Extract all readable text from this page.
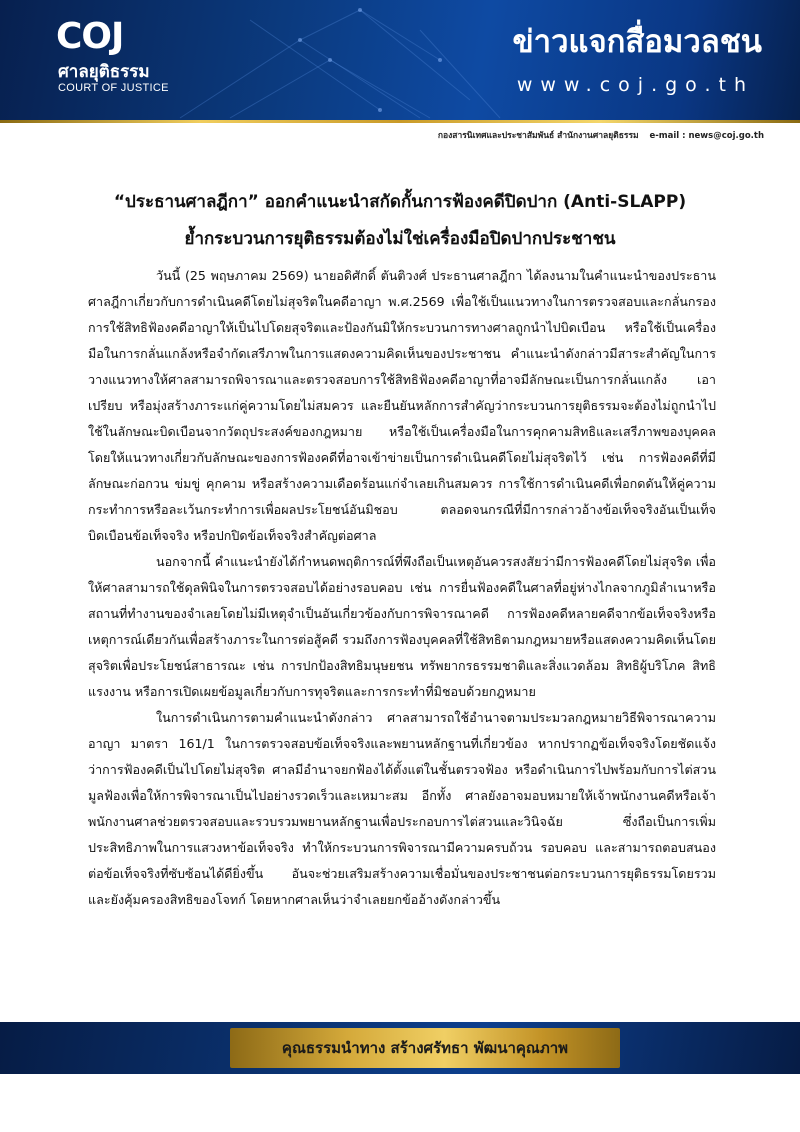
COJ
ศาลยุติธรรม
COURT OF JUSTICE
ข่าวแจกสื่อมวลชน
www.coj.go.th
กองสารนิเทศและประชาสัมพันธ์ สำนักงานศาลยุติธรรม e-mail : news@coj.go.th
“ประธานศาลฎีกา” ออกคำแนะนำสกัดกั้นการฟ้องคดีปิดปาก (Anti-SLAPP)
ย้ำกระบวนการยุติธรรมต้องไม่ใช่เครื่องมือปิดปากประชาชน

วันนี้ (25 พฤษภาคม 2569) นายอดิศักดิ์ ตันติวงศ์ ประธานศาลฎีกา ได้ลงนามในคำแนะนำของประธานศาลฎีกาเกี่ยวกับการดำเนินคดีโดยไม่สุจริตในคดีอาญา พ.ศ.2569 เพื่อใช้เป็นแนวทางในการตรวจสอบและกลั่นกรองการใช้สิทธิฟ้องคดีอาญาให้เป็นไปโดยสุจริตและป้องกันมิให้กระบวนการทางศาลถูกนำไปบิดเบือน หรือใช้เป็นเครื่องมือในการกลั่นแกล้งหรือจำกัดเสรีภาพในการแสดงความคิดเห็นของประชาชน คำแนะนำดังกล่าวมีสาระสำคัญในการวางแนวทางให้ศาลสามารถพิจารณาและตรวจสอบการใช้สิทธิฟ้องคดีอาญาที่อาจมีลักษณะเป็นการกลั่นแกล้ง เอาเปรียบ หรือมุ่งสร้างภาระแก่คู่ความโดยไม่สมควร และยืนยันหลักการสำคัญว่ากระบวนการยุติธรรมจะต้องไม่ถูกนำไปใช้ในลักษณะบิดเบือนจากวัตถุประสงค์ของกฎหมาย หรือใช้เป็นเครื่องมือในการคุกคามสิทธิและเสรีภาพของบุคคล โดยให้แนวทางเกี่ยวกับลักษณะของการฟ้องคดีที่อาจเข้าข่ายเป็นการดำเนินคดีโดยไม่สุจริตไว้ เช่น การฟ้องคดีที่มีลักษณะก่อกวน ข่มขู่ คุกคาม หรือสร้างความเดือดร้อนแก่จำเลยเกินสมควร การใช้การดำเนินคดีเพื่อกดดันให้คู่ความกระทำการหรือละเว้นกระทำการเพื่อผลประโยชน์อันมิชอบ ตลอดจนกรณีที่มีการกล่าวอ้างข้อเท็จจริงอันเป็นเท็จ บิดเบือนข้อเท็จจริง หรือปกปิดข้อเท็จจริงสำคัญต่อศาล

นอกจากนี้ คำแนะนำยังได้กำหนดพฤติการณ์ที่พึงถือเป็นเหตุอันควรสงสัยว่ามีการฟ้องคดีโดยไม่สุจริต เพื่อให้ศาลสามารถใช้ดุลพินิจในการตรวจสอบได้อย่างรอบคอบ เช่น การยื่นฟ้องคดีในศาลที่อยู่ห่างไกลจากภูมิลำเนาหรือสถานที่ทำงานของจำเลยโดยไม่มีเหตุจำเป็นอันเกี่ยวข้องกับการพิจารณาคดี การฟ้องคดีหลายคดีจากข้อเท็จจริงหรือเหตุการณ์เดียวกันเพื่อสร้างภาระในการต่อสู้คดี รวมถึงการฟ้องบุคคลที่ใช้สิทธิตามกฎหมายหรือแสดงความคิดเห็นโดยสุจริตเพื่อประโยชน์สาธารณะ เช่น การปกป้องสิทธิมนุษยชน ทรัพยากรธรรมชาติและสิ่งแวดล้อม สิทธิผู้บริโภค สิทธิแรงงาน หรือการเปิดเผยข้อมูลเกี่ยวกับการทุจริตและการกระทำที่มิชอบด้วยกฎหมาย

ในการดำเนินการตามคำแนะนำดังกล่าว ศาลสามารถใช้อำนาจตามประมวลกฎหมายวิธีพิจารณาความอาญา มาตรา 161/1 ในการตรวจสอบข้อเท็จจริงและพยานหลักฐานที่เกี่ยวข้อง หากปรากฏข้อเท็จจริงโดยชัดแจ้งว่าการฟ้องคดีเป็นไปโดยไม่สุจริต ศาลมีอำนาจยกฟ้องได้ตั้งแต่ในชั้นตรวจฟ้อง หรือดำเนินการไปพร้อมกับการไต่สวนมูลฟ้องเพื่อให้การพิจารณาเป็นไปอย่างรวดเร็วและเหมาะสม อีกทั้ง ศาลยังอาจมอบหมายให้เจ้าพนักงานคดีหรือเจ้าพนักงานศาลช่วยตรวจสอบและรวบรวมพยานหลักฐานเพื่อประกอบการไต่สวนและวินิจฉัย ซึ่งถือเป็นการเพิ่มประสิทธิภาพในการแสวงหาข้อเท็จจริง ทำให้กระบวนการพิจารณามีความครบถ้วน รอบคอบ และสามารถตอบสนองต่อข้อเท็จจริงที่ซับซ้อนได้ดียิ่งขึ้น อันจะช่วยเสริมสร้างความเชื่อมั่นของประชาชนต่อกระบวนการยุติธรรมโดยรวม และยังคุ้มครองสิทธิของโจทก์ โดยหากศาลเห็นว่าจำเลยยกข้ออ้างดังกล่าวขึ้น

คุณธรรมนำทาง สร้างศรัทธา พัฒนาคุณภาพ
